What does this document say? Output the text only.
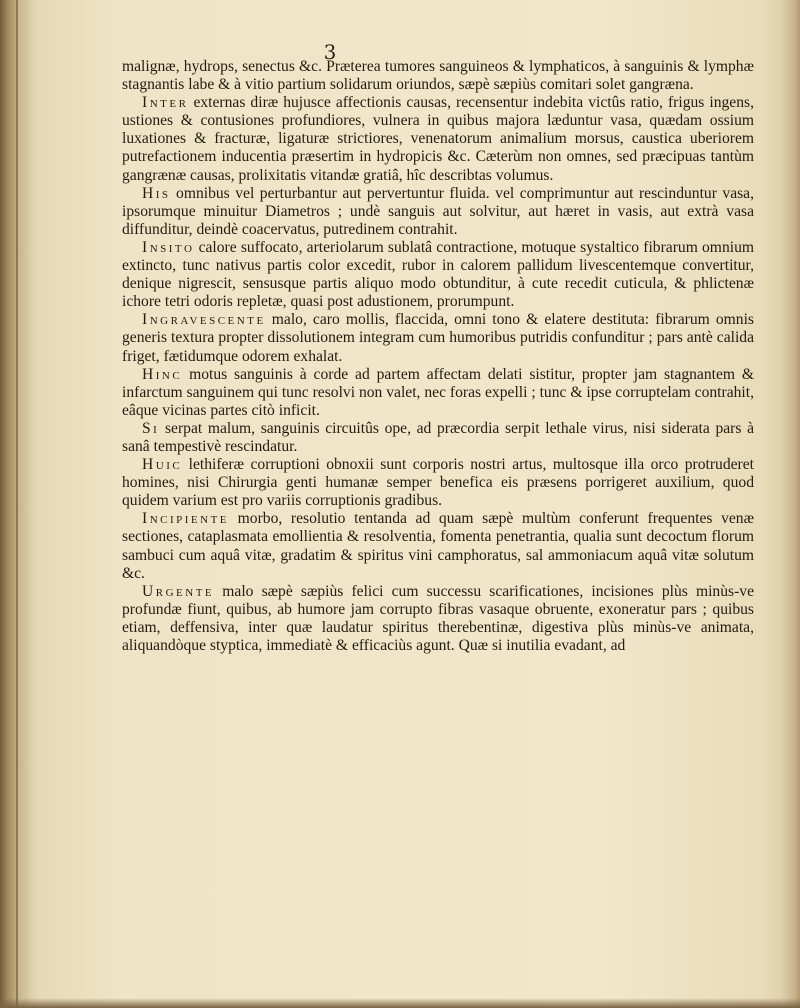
3

malignæ, hydrops, senectus &c. Præterea tumores sanguineos & lymphaticos, à sanguinis & lymphæ stagnantis labe & à vitio partium solidarum oriundos, sæpè sæpiùs comitari solet gangræna.

Inter externas diræ hujusce affectionis causas, recensentur indebita victûs ratio, frigus ingens, ustiones & contusiones profundiores, vulnera in quibus majora læduntur vasa, quædam ossium luxationes & fracturæ, ligaturæ strictiores, venenatorum animalium morsus, caustica uberiorem putrefactionem inducentia præsertim in hydropicis &c. Cæterùm non omnes, sed præcipuas tantùm gangrænæ causas, prolixitatis vitandæ gratiâ, hîc describtas volumus.

His omnibus vel perturbantur aut pervertuntur fluida. vel comprimuntur aut rescinduntur vasa, ipsorumque minuitur Diametros ; undè sanguis aut solvitur, aut hæret in vasis, aut extrà vasa diffunditur, deindè coacervatus, putredinem contrahit.

Insito calore suffocato, arteriolarum sublatâ contractione, motuque systaltico fibrarum omnium extincto, tunc nativus partis color excedit, rubor in calorem pallidum livescentemque convertitur, denique nigrescit, sensusque partis aliquo modo obtunditur, à cute recedit cuticula, & phlictenæ ichore tetri odoris repletæ, quasi post adustionem, prorumpunt.

Ingravescente malo, caro mollis, flaccida, omni tono & elatere destituta: fibrarum omnis generis textura propter dissolutionem integram cum humoribus putridis confunditur ; pars antè calida friget, fætidumque odorem exhalat.

Hinc motus sanguinis à corde ad partem affectam delati sistitur, propter jam stagnantem & infarctum sanguinem qui tunc resolvi non valet, nec foras expelli ; tunc & ipse corruptelam contrahit, eâque vicinas partes citò inficit.

Si serpat malum, sanguinis circuitûs ope, ad præcordia serpit lethale virus, nisi siderata pars à sanâ tempestivè rescindatur.

Huic lethiferæ corruptioni obnoxii sunt corporis nostri artus, multosque illa orco protruderet homines, nisi Chirurgia genti humanæ semper benefica eis præsens porrigeret auxilium, quod quidem varium est pro variis corruptionis gradibus.

Incipiente morbo, resolutio tentanda ad quam sæpè multùm conferunt frequentes venæ sectiones, cataplasmata emollientia & resolventia, fomenta penetrantia, qualia sunt decoctum florum sambuci cum aquâ vitæ, gradatim & spiritus vini camphoratus, sal ammoniacum aquâ vitæ solutum &c.

Urgente malo sæpè sæpiùs felici cum successu scarificationes, incisiones plùs minùs-ve profundæ fiunt, quibus, ab humore jam corrupto fibras vasaque obruente, exoneratur pars ; quibus etiam, deffensiva, inter quæ laudatur spiritus therebentinæ, digestiva plùs minùs-ve animata, aliquandòque styptica, immediatè & efficaciùs agunt. Quæ si inutilia evadant, ad
